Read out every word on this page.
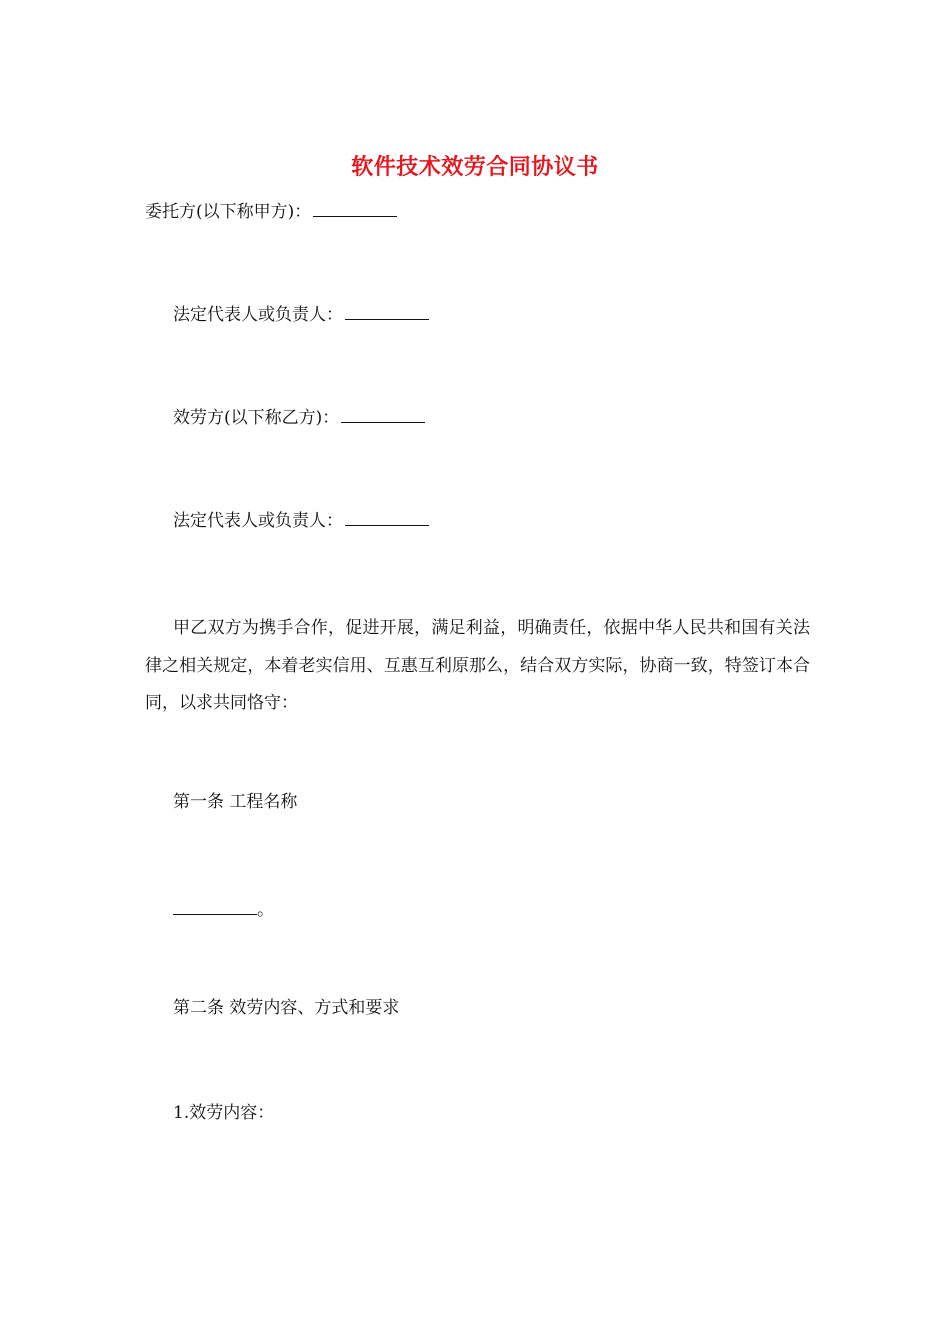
软件技术效劳合同协议书
委托方(以下称甲方)：
法定代表人或负责人：
效劳方(以下称乙方)：
法定代表人或负责人：
甲乙双方为携手合作，促进开展，满足利益，明确责任，依据中华人民共和国有关法律之相关规定，本着老实信用、互惠互利原那么，结合双方实际，协商一致，特签订本合同，以求共同恪守：
第一条 工程名称
。
第二条 效劳内容、方式和要求
1.效劳内容：
